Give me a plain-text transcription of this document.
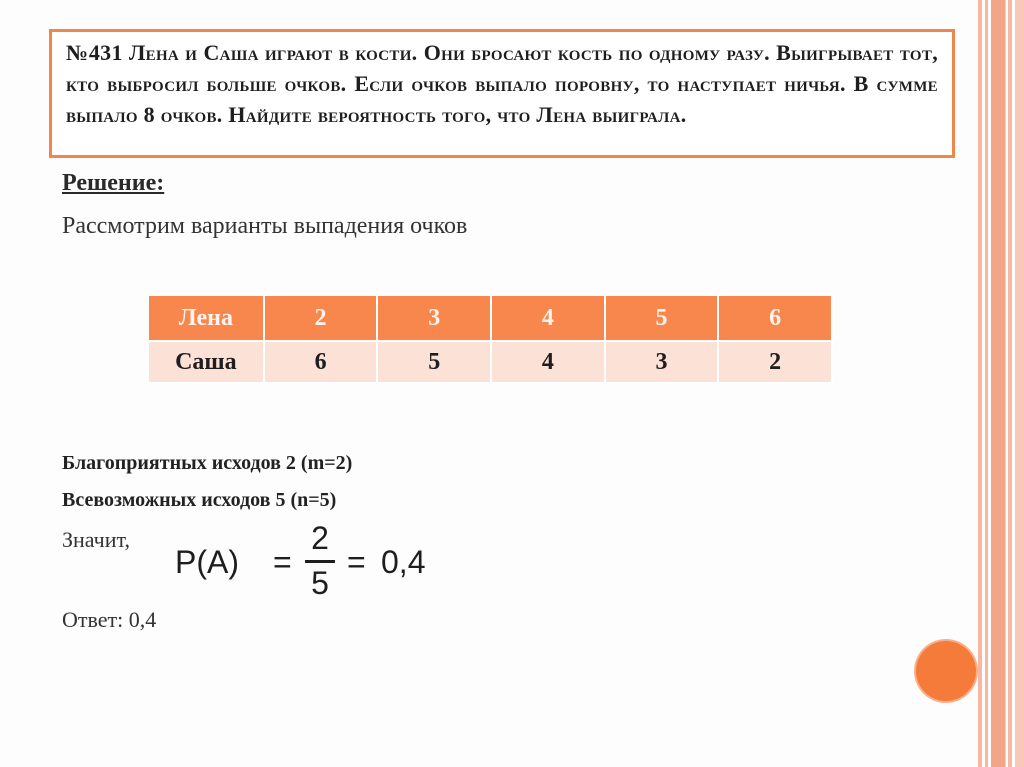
№431 Лена и Саша играют в кости. Они бросают кость по одному разу. Выигрывает тот, кто выбросил больше очков. Если очков выпало поровну, то наступает ничья. В сумме выпало 8 очков. Найдите вероятность того, что Лена выиграла.

Решение:

Рассмотрим варианты выпадения очков

Лена	2	3	4	5	6
Саша	6	5	4	3	2

Благоприятных исходов 2 (m=2)

Всевозможных исходов 5 (n=5)

Значит,

P(A) =
2
5
= 0,4

Ответ: 0,4
